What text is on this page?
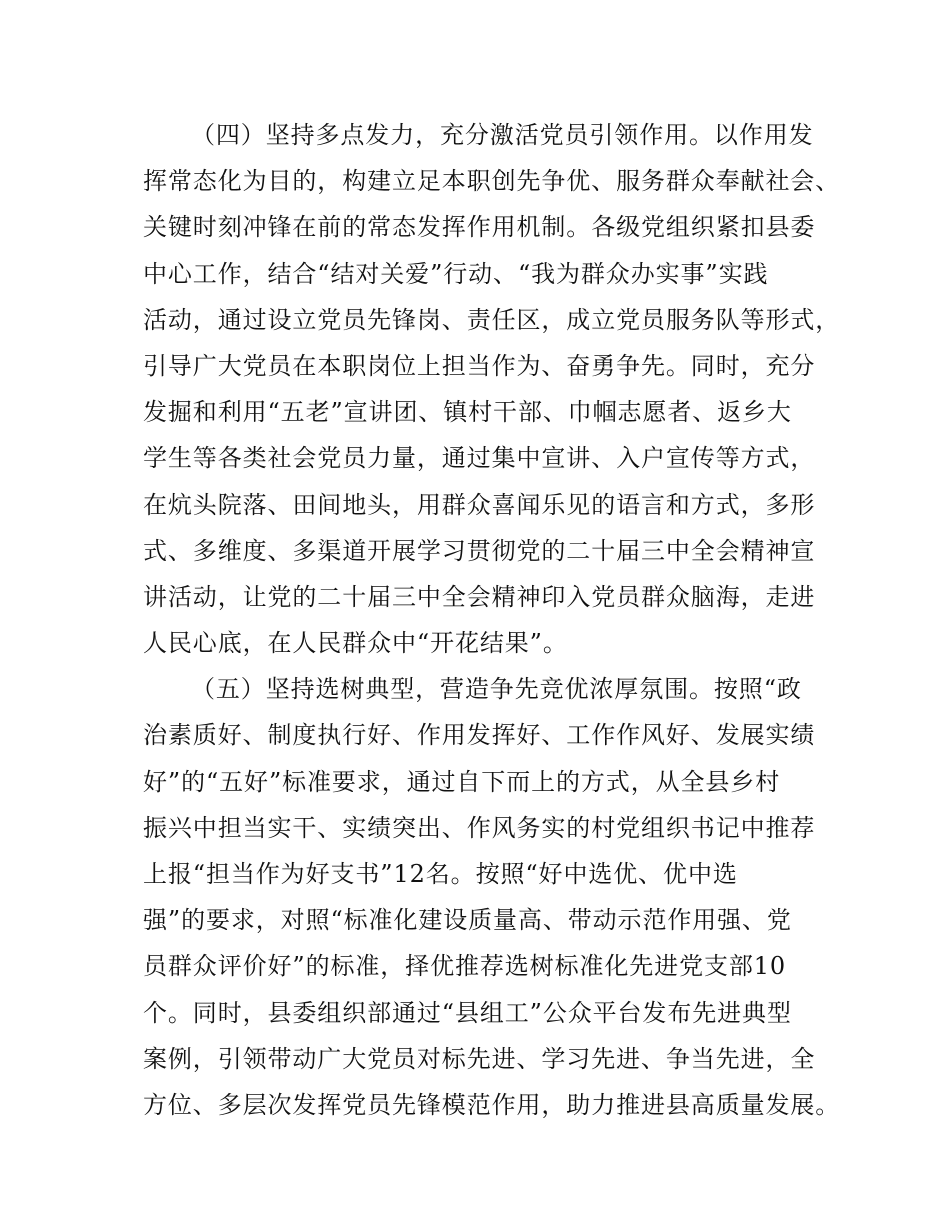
（四）坚持多点发力，充分激活党员引领作用。以作用发
挥常态化为目的，构建立足本职创先争优、服务群众奉献社会、
关键时刻冲锋在前的常态发挥作用机制。各级党组织紧扣县委
中心工作，结合“结对关爱”行动、“我为群众办实事”实践
活动，通过设立党员先锋岗、责任区，成立党员服务队等形式，
引导广大党员在本职岗位上担当作为、奋勇争先。同时，充分
发掘和利用“五老”宣讲团、镇村干部、巾帼志愿者、返乡大
学生等各类社会党员力量，通过集中宣讲、入户宣传等方式，
在炕头院落、田间地头，用群众喜闻乐见的语言和方式，多形
式、多维度、多渠道开展学习贯彻党的二十届三中全会精神宣
讲活动，让党的二十届三中全会精神印入党员群众脑海，走进
人民心底，在人民群众中“开花结果”。
（五）坚持选树典型，营造争先竞优浓厚氛围。按照“政
治素质好、制度执行好、作用发挥好、工作作风好、发展实绩
好”的“五好”标准要求，通过自下而上的方式，从全县乡村
振兴中担当实干、实绩突出、作风务实的村党组织书记中推荐
上报“担当作为好支书”12名。按照“好中选优、优中选
强”的要求，对照“标准化建设质量高、带动示范作用强、党
员群众评价好”的标准，择优推荐选树标准化先进党支部10
个。同时，县委组织部通过“县组工”公众平台发布先进典型
案例，引领带动广大党员对标先进、学习先进、争当先进，全
方位、多层次发挥党员先锋模范作用，助力推进县高质量发展。
